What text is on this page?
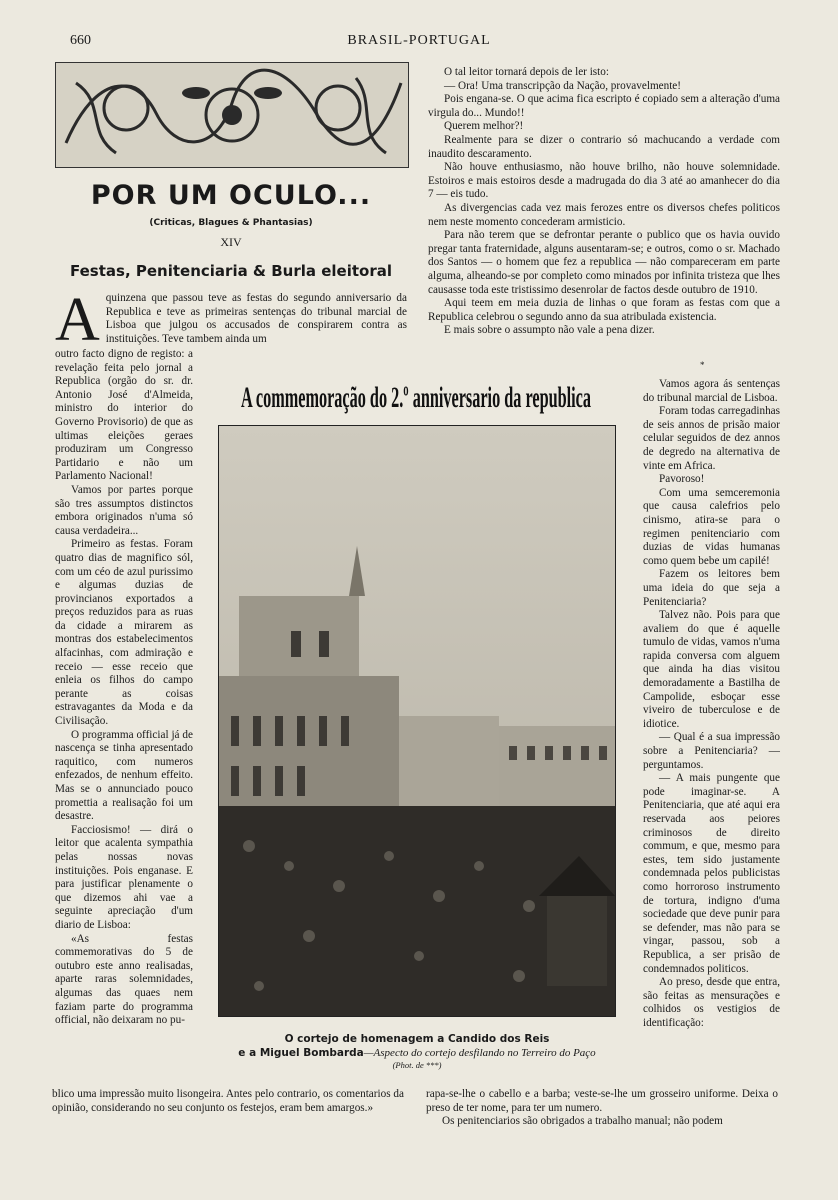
660	BRASIL-PORTUGAL
POR UM OCULO...
(Criticas, Blagues & Phantasias)
XIV
Festas, Penitenciaria & Burla eleitoral
A quinzena que passou teve as festas do segundo anniversario da Republica e teve as primeiras sentenças do tribunal marcial de Lisboa que julgou os accusados de conspirarem contra as instituições. Teve tambem ainda um

outro facto digno de registo: a revelação feita pelo jornal a Republica (orgão do sr. dr. Antonio José d'Almeida, ministro do interior do Governo Provisorio) de que as ultimas eleições geraes produziram um Congresso Partidario e não um Parlamento Nacional!

Vamos por partes porque são tres assumptos distinctos embora originados n'uma só causa verdadeira...

Primeiro as festas. Foram quatro dias de magnifico sól, com um céo de azul purissimo e algumas duzias de provincianos exportados a preços reduzidos para as ruas da cidade a mirarem as montras dos estabelecimentos alfacinhas, com admiração e receio — esse receio que enleia os filhos do campo perante as coisas estravagantes da Moda e da Civilisação.

O programma official já de nascença se tinha apresentado raquitico, com numeros enfezados, de nenhum effeito. Mas se o annunciado pouco promettia a realisação foi um desastre.

Facciosismo! — dirá o leitor que acalenta sympathia pelas nossas novas instituições. Pois enganase. E para justificar plenamente o que dizemos ahi vae a seguinte apreciação d'um diario de Lisboa:

«As festas commemorativas do 5 de outubro este anno realisadas, aparte raras solemnidades, algumas das quaes nem faziam parte do programma official, não deixaram no pu-

O tal leitor tornará depois de ler isto:

— Ora! Uma transcripção da Nação, provavelmente!

Pois engana-se. O que acima fica escripto é copiado sem a alteração d'uma virgula do... Mundo!!

Querem melhor?!

Realmente para se dizer o contrario só machucando a verdade com inaudito descaramento.

Não houve enthusiasmo, não houve brilho, não houve solemnidade. Estoiros e mais estoiros desde a madrugada do dia 3 até ao amanhecer do dia 7 — eis tudo.

As divergencias cada vez mais ferozes entre os diversos chefes politicos nem neste momento concederam armisticio.

Para não terem que se defrontar perante o publico que os havia ouvido pregar tanta fraternidade, alguns ausentaram-se; e outros, como o sr. Machado dos Santos — o homem que fez a republica — não compareceram em parte alguma, alheando-se por completo como minados por infinita tristeza que lhes causasse toda este tristissimo desenrolar de factos desde outubro de 1910.

Aqui teem em meia duzia de linhas o que foram as festas com que a Republica celebrou o segundo anno da sua atribulada existencia.

E mais sobre o assumpto não vale a pena dizer.

*
A commemoração do 2.º anniversario da republica
O cortejo de homenagem a Candido dos Reis
e a Miguel Bombarda—Aspecto do cortejo desfilando no Terreiro do Paço
(Phot. de ***)

Vamos agora ás sentenças do tribunal marcial de Lisboa.

Foram todas carregadinhas de seis annos de prisão maior celular seguidos de dez annos de degredo na alternativa de vinte em Africa.

Pavoroso!

Com uma semceremonia que causa calefrios pelo cinismo, atira-se para o regimen penitenciario com duzias de vidas humanas como quem bebe um capilé!

Fazem os leitores bem uma ideia do que seja a Penitenciaria?

Talvez não. Pois para que avaliem do que é aquelle tumulo de vidas, vamos n'uma rapida conversa com alguem que ainda ha dias visitou demoradamente a Bastilha de Campolide, esboçar esse viveiro de tuberculose e de idiotice.

— Qual é a sua impressão sobre a Penitenciaria? — perguntamos.

— A mais pungente que pode imaginar-se. A Penitenciaria, que até aqui era reservada aos peiores criminosos de direito commum, e que, mesmo para estes, tem sido justamente condemnada pelos publicistas como horroroso instrumento de tortura, indigno d'uma sociedade que deve punir para se defender, mas não para se vingar, passou, sob a Republica, a ser prisão de condemnados politicos.

Ao preso, desde que entra, são feitas as mensurações e colhidos os vestigios de identificação:

blico uma impressão muito lisongeira. Antes pelo contrario, os comentarios da opinião, considerando no seu conjunto os festejos, eram bem amargos.»

rapa-se-lhe o cabello e a barba; veste-se-lhe um grosseiro uniforme. Deixa o preso de ter nome, para ter um numero.

Os penitenciarios são obrigados a trabalho manual; não podem
